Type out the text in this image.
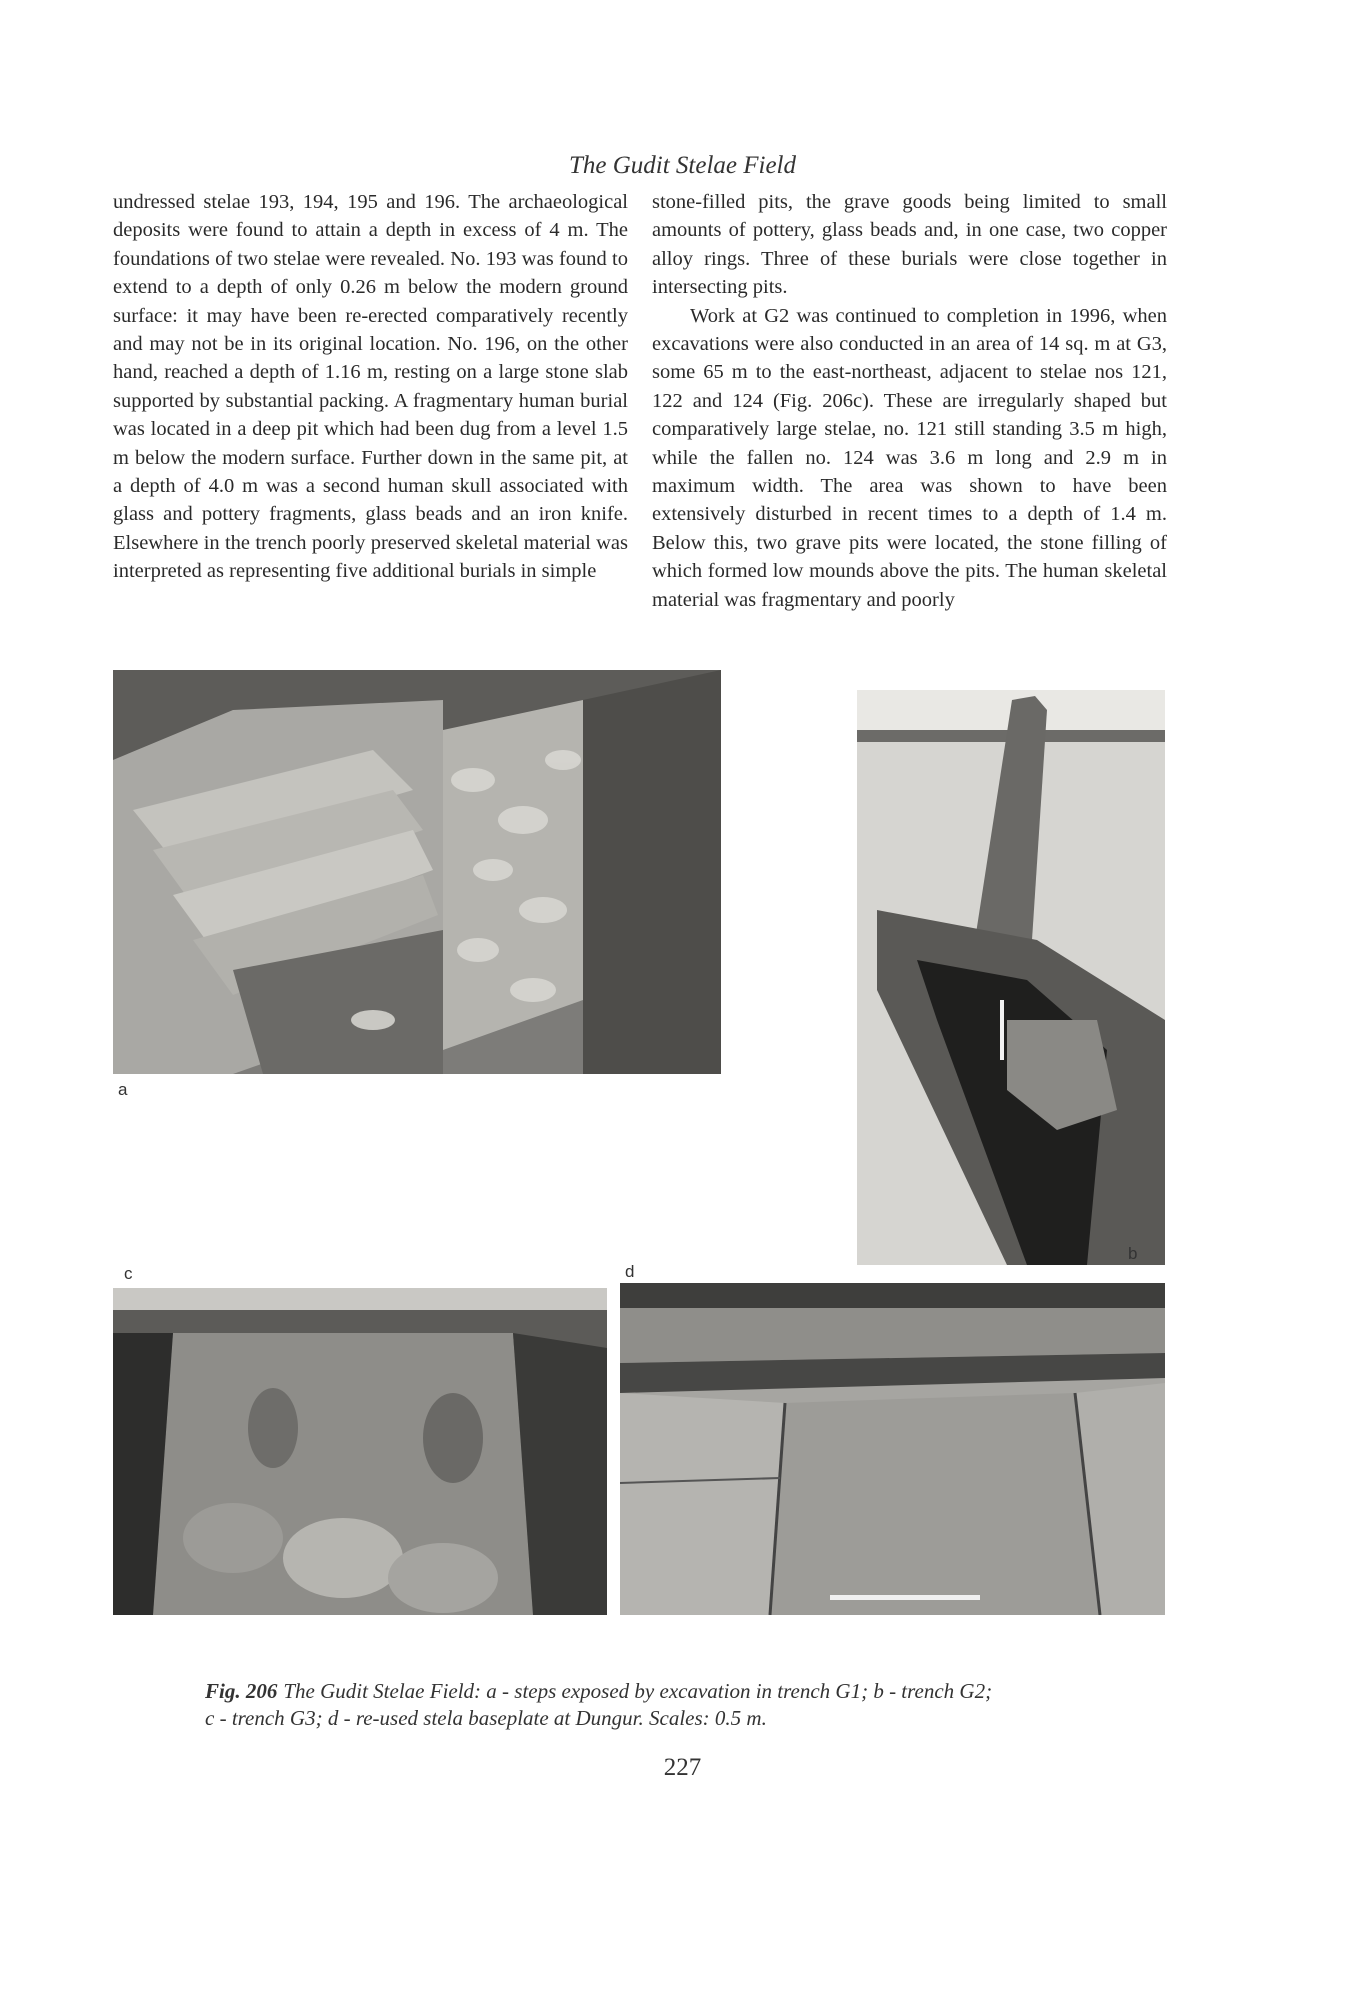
The Gudit Stelae Field

undressed stelae 193, 194, 195 and 196. The archaeological deposits were found to attain a depth in excess of 4 m. The foundations of two stelae were revealed. No. 193 was found to extend to a depth of only 0.26 m below the modern ground surface: it may have been re-erected comparatively recently and may not be in its original location. No. 196, on the other hand, reached a depth of 1.16 m, resting on a large stone slab supported by substantial packing. A fragmentary human burial was located in a deep pit which had been dug from a level 1.5 m below the modern surface. Further down in the same pit, at a depth of 4.0 m was a second human skull associated with glass and pottery fragments, glass beads and an iron knife. Elsewhere in the trench poorly preserved skeletal material was interpreted as representing five additional burials in simple

stone-filled pits, the grave goods being limited to small amounts of pottery, glass beads and, in one case, two copper alloy rings. Three of these burials were close together in intersecting pits.

Work at G2 was continued to completion in 1996, when excavations were also conducted in an area of 14 sq. m at G3, some 65 m to the east-northeast, adjacent to stelae nos 121, 122 and 124 (Fig. 206c). These are irregularly shaped but comparatively large stelae, no. 121 still standing 3.5 m high, while the fallen no. 124 was 3.6 m long and 2.9 m in maximum width. The area was shown to have been extensively disturbed in recent times to a depth of 1.4 m. Below this, two grave pits were located, the stone filling of which formed low mounds above the pits. The human skeletal material was fragmentary and poorly

a
b
c	d
Fig. 206 The Gudit Stelae Field: a - steps exposed by excavation in trench G1; b - trench G2;
c - trench G3; d - re-used stela baseplate at Dungur. Scales: 0.5 m.
227
